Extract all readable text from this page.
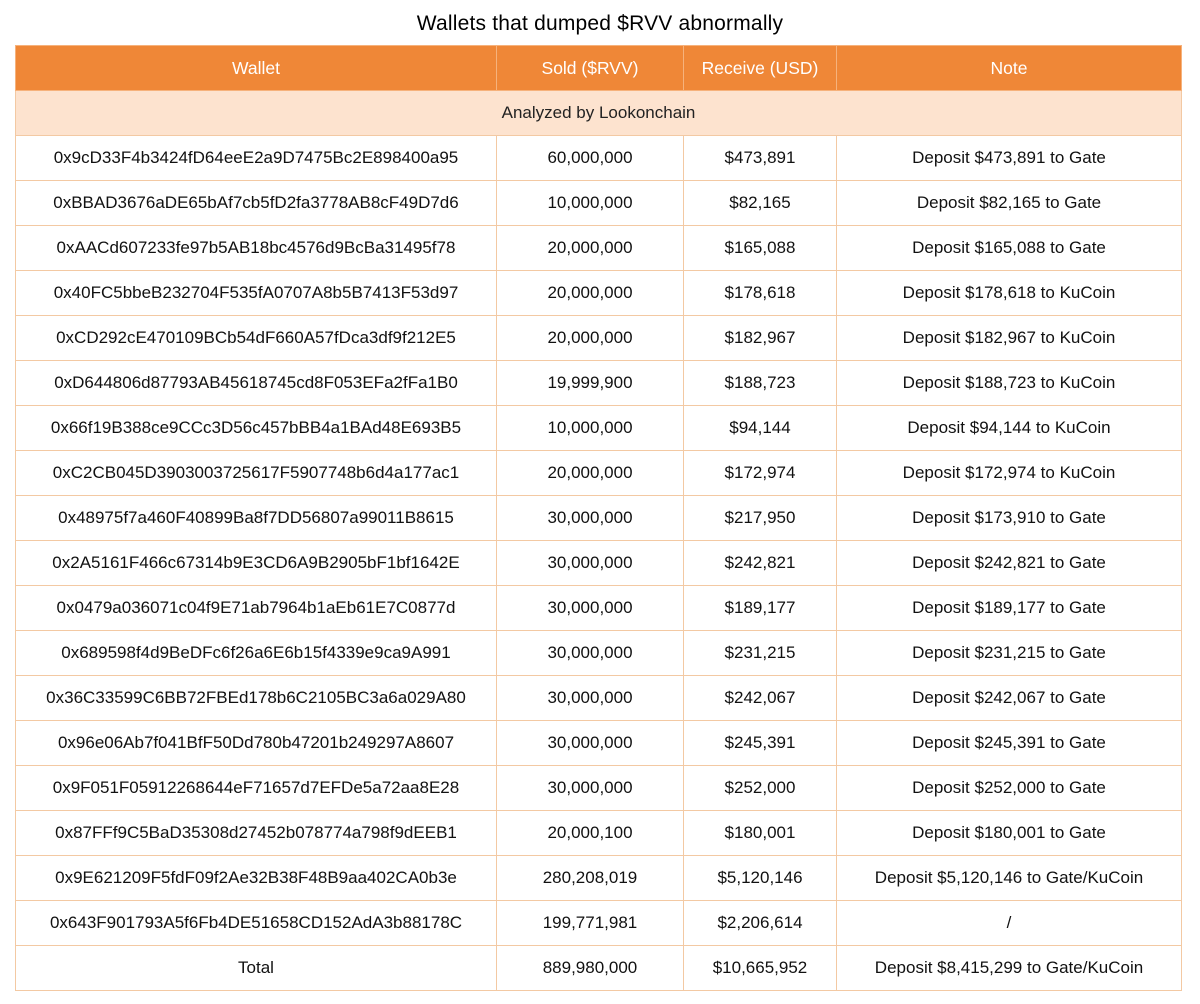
Wallets that dumped $RVV abnormally
Wallet	Sold ($RVV)	Receive (USD)	Note
Analyzed by Lookonchain			
0x9cD33F4b3424fD64eeE2a9D7475Bc2E898400a95	60,000,000	$473,891	Deposit $473,891 to Gate
0xBBAD3676aDE65bAf7cb5fD2fa3778AB8cF49D7d6	10,000,000	$82,165	Deposit $82,165 to Gate
0xAACd607233fe97b5AB18bc4576d9BcBa31495f78	20,000,000	$165,088	Deposit $165,088 to Gate
0x40FC5bbeB232704F535fA0707A8b5B7413F53d97	20,000,000	$178,618	Deposit $178,618 to KuCoin
0xCD292cE470109BCb54dF660A57fDca3df9f212E5	20,000,000	$182,967	Deposit $182,967 to KuCoin
0xD644806d87793AB45618745cd8F053EFa2fFa1B0	19,999,900	$188,723	Deposit $188,723 to KuCoin
0x66f19B388ce9CCc3D56c457bBB4a1BAd48E693B5	10,000,000	$94,144	Deposit $94,144 to KuCoin
0xC2CB045D3903003725617F5907748b6d4a177ac1	20,000,000	$172,974	Deposit $172,974 to KuCoin
0x48975f7a460F40899Ba8f7DD56807a99011B8615	30,000,000	$217,950	Deposit $173,910 to Gate
0x2A5161F466c67314b9E3CD6A9B2905bF1bf1642E	30,000,000	$242,821	Deposit $242,821 to Gate
0x0479a036071c04f9E71ab7964b1aEb61E7C0877d	30,000,000	$189,177	Deposit $189,177 to Gate
0x689598f4d9BeDFc6f26a6E6b15f4339e9ca9A991	30,000,000	$231,215	Deposit $231,215 to Gate
0x36C33599C6BB72FBEd178b6C2105BC3a6a029A80	30,000,000	$242,067	Deposit $242,067 to Gate
0x96e06Ab7f041BfF50Dd780b47201b249297A8607	30,000,000	$245,391	Deposit $245,391 to Gate
0x9F051F05912268644eF71657d7EFDe5a72aa8E28	30,000,000	$252,000	Deposit $252,000 to Gate
0x87FFf9C5BaD35308d27452b078774a798f9dEEB1	20,000,100	$180,001	Deposit $180,001 to Gate
0x9E621209F5fdF09f2Ae32B38F48B9aa402CA0b3e	280,208,019	$5,120,146	Deposit $5,120,146 to Gate/KuCoin
0x643F901793A5f6Fb4DE51658CD152AdA3b88178C	199,771,981	$2,206,614	/
Total	889,980,000	$10,665,952	Deposit $8,415,299 to Gate/KuCoin
